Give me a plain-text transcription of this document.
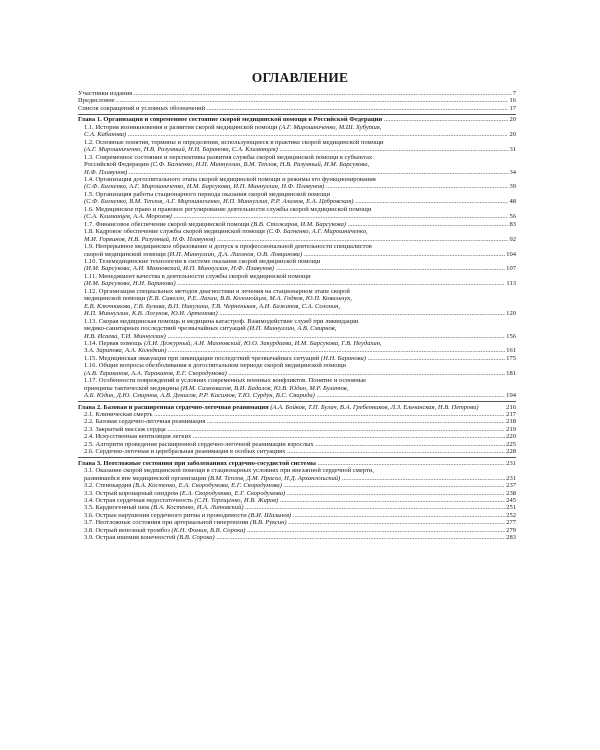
ОГЛАВЛЕНИЕ
Участники издания .....	7
Предисловие .....	16
Список сокращений и условных обозначений .....	17
Глава 1. Организация и современное состояние скорой медицинской помощи в Российской Федерации .....	20
1.1. История возникновения и развития скорой медицинской помощи (А.Г. Мирошниченко, М.Ш. Хубутия,
С.А. Кабанова) .....	20
1.2. Основные понятия, термины и определения, использующиеся в практике скорой медицинской помощи
(А.Г. Мирошниченко, Н.В. Разумный, Н.Н. Баранова, С.А. Климанцев) .....	31
1.3. Современное состояние и перспективы развития службы скорой медицинской помощи в субъектах
Российской Федерации (С.Ф. Багненко, И.П. Миннуллин, В.М. Теплов, Н.В. Разумный, И.М. Барсукова,
Н.Ф. Плавунов) .....	34
1.4. Организация догоспитального этапа скорой медицинской помощи и режимы его функционирования
(С.Ф. Багненко, А.Г. Мирошниченко, И.М. Барсукова, И.П. Миннуллин, Н.Ф. Плавунов) .....	39
1.5. Организация работы стационарного периода оказания скорой медицинской помощи
(С.Ф. Багненко, В.М. Теплов, А.Г. Мирошниченко, И.П. Миннуллин, Р.Р. Алимов, Е.А. Цебровская) .....	48
1.6. Медицинское право и правовое регулирование деятельности службы скорой медицинской помощи
(С.А. Климанцев, А.А. Морозов) .....	56
1.7. Финансовое обеспечение скорой медицинской помощи (В.В. Стожаров, И.М. Барсукова) .....	83
1.8. Кадровое обеспечение службы скорой медицинской помощи (С.Ф. Багненко, А.Г. Мирошниченко,
М.И. Горяинов, Н.В. Разумный, Н.Ф. Плавунов) .....	92
1.9. Непрерывное медицинское образование и допуск к профессиональной деятельности специалистов
скорой медицинской помощи (И.П. Миннуллин, Д.А. Лиознов, О.В. Ловцинова) .....	104
1.10. Телемедицинские технологии в системе оказания скорой медицинской помощи
(И.М. Барсукова, А.И. Махновский, И.П. Миннуллин, Н.Ф. Плавунов) .....	107
1.11. Менеджмент качества в деятельности службы скорой медицинской помощи
(И.М. Барсукова, Н.Н. Баранова) .....	113
1.12. Организация специальных методов диагностики и лечения на стационарном этапе скорой
медицинской помощи (Е.В. Савелло, Р.Е. Лахин, В.В. Коломойцев, М.А. Годков, Ю.П. Ковальчук,
Е.В. Ключникова, Г.В. Булава, В.П. Никулина, Т.В. Черненькая, А.И. Бажанов, С.А. Солонин,
И.П. Миннуллин, К.В. Логунов, Ю.И. Артемова) .....	120
1.13. Скорая медицинская помощь и медицина катастроф. Взаимодействие служб при ликвидации
медико-санитарных последствий чрезвычайных ситуаций (И.П. Миннуллин, А.В. Смирнов,
И.В. Исаева, Т.И. Миннуллин) .....	156
1.14. Первая помощь (Л.И. Дежурный, А.И. Махновский, Ю.О. Закурдаева, И.М. Барсукова, Г.В. Неудахин,
З.А. Зарипова, А.А. Колодкин) .....	161
1.15. Медицинская эвакуация при ликвидации последствий чрезвычайных ситуаций (Н.Н. Баранова) .....	175
1.16. Общие вопросы обезболивания в догоспитальном периоде скорой медицинской помощи
(А.В. Тараканов, А.А. Тараканов, Е.Г. Скородумова) .....	181
1.17. Особенности повреждений в условиях современных военных конфликтов. Понятие и основные
принципы тактической медицины (И.М. Самохвалов, В.И. Бадалов, Ю.В. Юдин, М.Р. Булатов,
А.Б. Юдин, Д.Ю. Смирнов, А.В. Денисов, Р.Р. Касимов, Т.Ю. Сурдун, В.С. Свирида) .....	194
Глава 2. Базовая и расширенная сердечно-легочная реанимация (А.А. Бойков, Т.П. Булач, В.А. Гребенников, Л.З. Ельчанская, Н.В. Петрова)	216
2.1. Клиническая смерть .....	217
2.2. Базовая сердечно-легочная реанимация .....	218
2.3. Закрытый массаж сердца .....	219
2.4. Искусственная вентиляция легких .....	220
2.5. Алгоритм проведения расширенной сердечно-легочной реанимации взрослых .....	225
2.6. Сердечно-легочная и церебральная реанимация в особых ситуациях .....	228
Глава 3. Неотложные состояния при заболеваниях сердечно-сосудистой системы .....	231
3.1. Оказание скорой медицинской помощи в стационарных условиях при внезапной сердечной смерти,
развившейся вне медицинской организации (В.М. Теплов, Д.М. Прасол, Н.Д. Архангельский) .....	231
3.2. Стенокардия (В.А. Костенко, Е.А. Скородумова, Е.Г. Скородумова) .....	237
3.3. Острый коронарный синдром (Е.А. Скородумова, Е.Г. Скородумова) .....	238
3.4. Острая сердечная недостаточность (С.Н. Терещенко, И.В. Жиров) .....	245
3.5. Кардиогенный шок (В.А. Костенко, И.А. Литовский) .....	251
3.6. Острые нарушения сердечного ритма и проводимости (В.И. Шальнев) .....	252
3.7. Неотложные состояния при артериальной гипертензии (В.В. Руксин) .....	277
3.8. Острый венозный тромбоз (К.Н. Фомин, В.В. Сорока) .....	279
3.9. Острая ишемия конечностей (В.В. Сорока) .....	283
